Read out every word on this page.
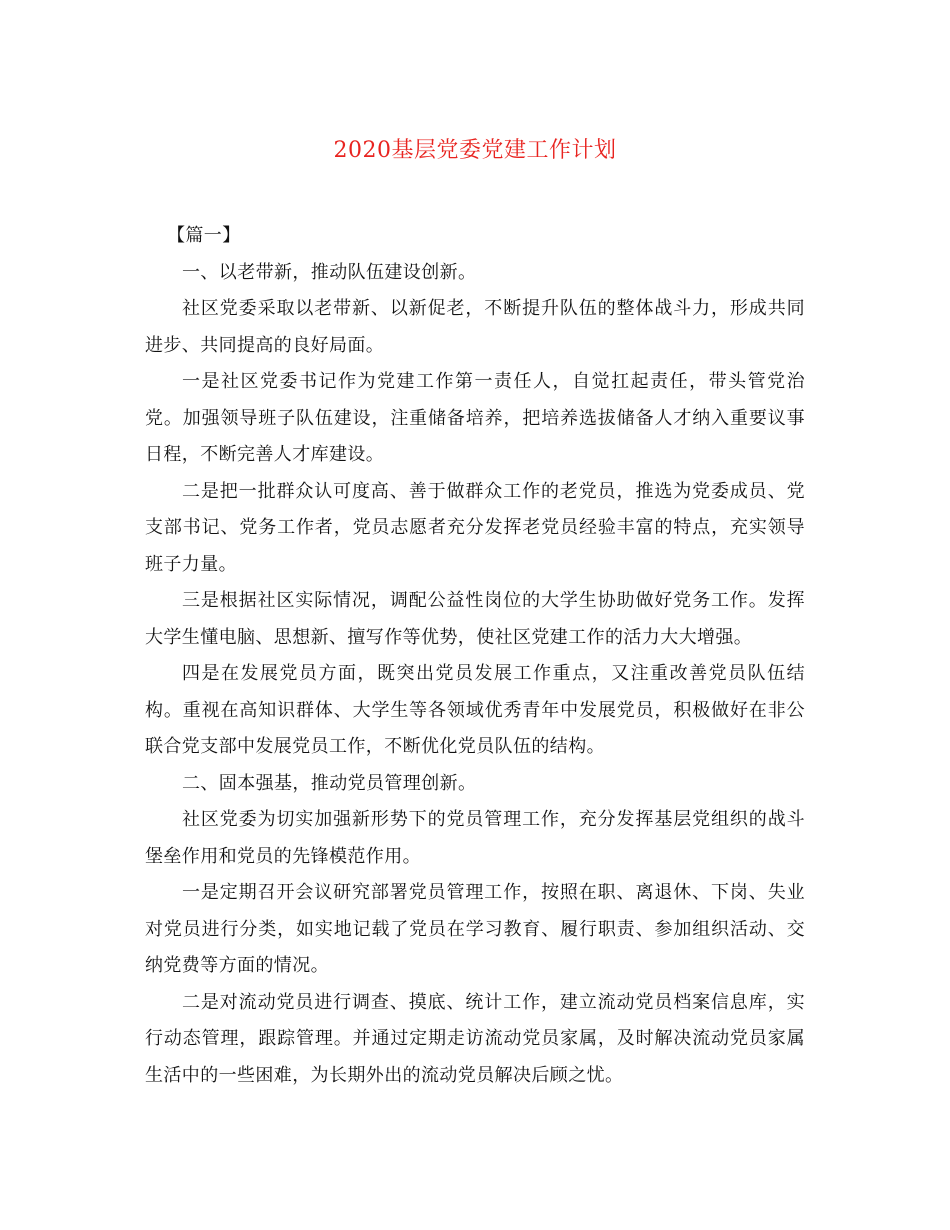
2020基层党委党建工作计划

【篇一】

一、以老带新，推动队伍建设创新。

社区党委采取以老带新、以新促老，不断提升队伍的整体战斗力，形成共同进步、共同提高的良好局面。

一是社区党委书记作为党建工作第一责任人，自觉扛起责任，带头管党治党。加强领导班子队伍建设，注重储备培养，把培养选拔储备人才纳入重要议事日程，不断完善人才库建设。

二是把一批群众认可度高、善于做群众工作的老党员，推选为党委成员、党支部书记、党务工作者，党员志愿者充分发挥老党员经验丰富的特点，充实领导班子力量。

三是根据社区实际情况，调配公益性岗位的大学生协助做好党务工作。发挥大学生懂电脑、思想新、擅写作等优势，使社区党建工作的活力大大增强。

四是在发展党员方面，既突出党员发展工作重点，又注重改善党员队伍结构。重视在高知识群体、大学生等各领域优秀青年中发展党员，积极做好在非公联合党支部中发展党员工作，不断优化党员队伍的结构。

二、固本强基，推动党员管理创新。

社区党委为切实加强新形势下的党员管理工作，充分发挥基层党组织的战斗堡垒作用和党员的先锋模范作用。

一是定期召开会议研究部署党员管理工作，按照在职、离退休、下岗、失业对党员进行分类，如实地记载了党员在学习教育、履行职责、参加组织活动、交纳党费等方面的情况。

二是对流动党员进行调查、摸底、统计工作，建立流动党员档案信息库，实行动态管理，跟踪管理。并通过定期走访流动党员家属，及时解决流动党员家属生活中的一些困难，为长期外出的流动党员解决后顾之忧。
